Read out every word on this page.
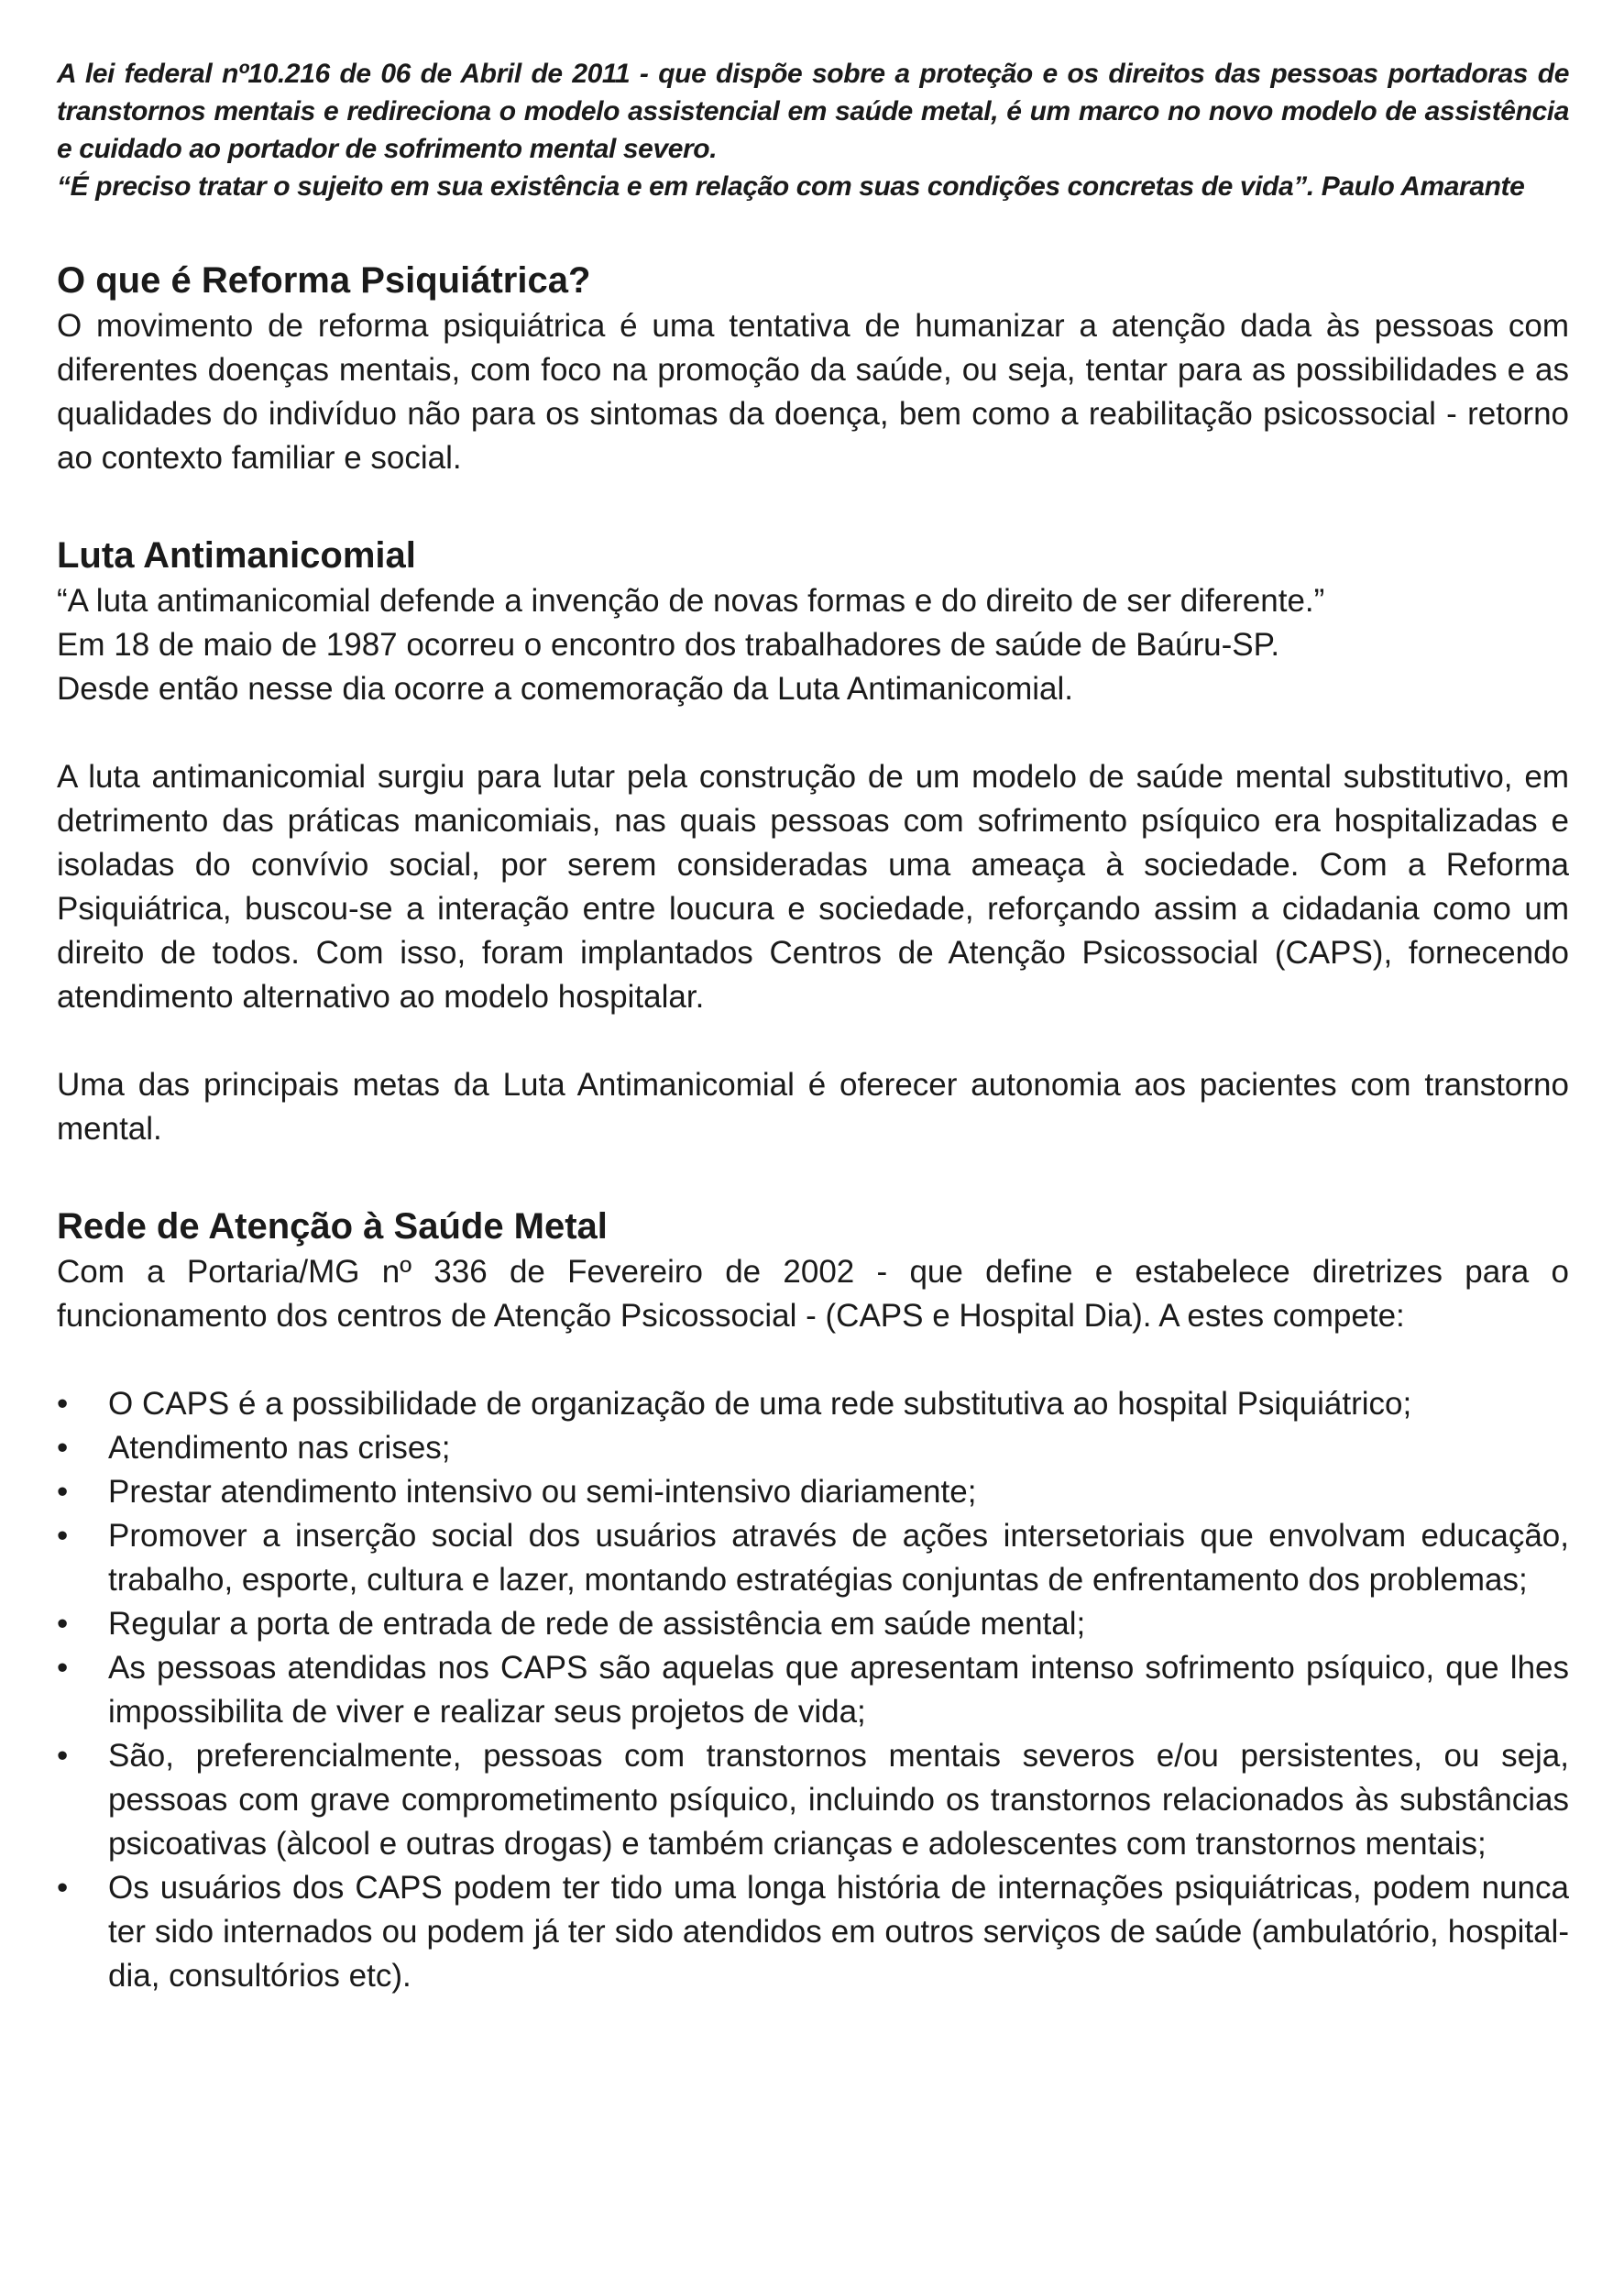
A lei federal nº10.216 de 06 de Abril de 2011 - que dispõe sobre a proteção e os direitos das pessoas portadoras de transtornos mentais e redireciona o modelo assistencial em saúde metal, é um marco no novo modelo de assistência e cuidado ao portador de sofrimento mental severo.

“É preciso tratar o sujeito em sua existência e em relação com suas condições concretas de vida”. Paulo Amarante

O que é Reforma Psiquiátrica?

O movimento de reforma psiquiátrica é uma tentativa de humanizar a atenção dada às pessoas com diferentes doenças mentais, com foco na promoção da saúde, ou seja, tentar para as possibilidades e as qualidades do indivíduo não para os sintomas da doença, bem como a reabilitação psicossocial - retorno ao contexto familiar e social.

Luta Antimanicomial

“A luta antimanicomial defende a invenção de novas formas e do direito de ser diferente.”

Em 18 de maio de 1987 ocorreu o encontro dos trabalhadores de saúde de Baúru-SP.

Desde então nesse dia ocorre a comemoração da Luta Antimanicomial.

A luta antimanicomial surgiu para lutar pela construção de um modelo de saúde mental substitutivo, em detrimento das práticas manicomiais, nas quais pessoas com sofrimento psíquico era hospitalizadas e isoladas do convívio social, por serem consideradas uma ameaça à sociedade. Com a Reforma Psiquiátrica, buscou-se a interação entre loucura e sociedade, reforçando assim a cidadania como um direito de todos. Com isso, foram implantados Centros de Atenção Psicossocial (CAPS), fornecendo atendimento alternativo ao modelo hospitalar.

Uma das principais metas da Luta Antimanicomial é oferecer autonomia aos pacientes com transtorno mental.

Rede de Atenção à Saúde Metal

Com a Portaria/MG nº 336 de Fevereiro de 2002 - que define e estabelece diretrizes para o funcionamento dos centros de Atenção Psicossocial - (CAPS e Hospital Dia). A estes compete:

•	O CAPS é a possibilidade de organização de uma rede substitutiva ao hospital Psiquiátrico;
•	Atendimento nas crises;
•	Prestar atendimento intensivo ou semi-intensivo diariamente;
•	Promover a inserção social dos usuários através de ações intersetoriais que envolvam educação, trabalho, esporte, cultura e lazer, montando estratégias conjuntas de enfrentamento dos problemas;
•	Regular a porta de entrada de rede de assistência em saúde mental;
•	As pessoas atendidas nos CAPS são aquelas que apresentam intenso sofrimento psíquico, que lhes impossibilita de viver e realizar seus projetos de vida;
•	São, preferencialmente, pessoas com transtornos mentais severos e/ou persistentes, ou seja, pessoas com grave comprometimento psíquico, incluindo os transtornos relacionados às substâncias psicoativas (àlcool e outras drogas) e também crianças e adolescentes com transtornos mentais;
•	Os usuários dos CAPS podem ter tido uma longa história de internações psiquiátricas, podem nunca ter sido internados ou podem já ter sido atendidos em outros serviços de saúde (ambulatório, hospital-dia, consultórios etc).
